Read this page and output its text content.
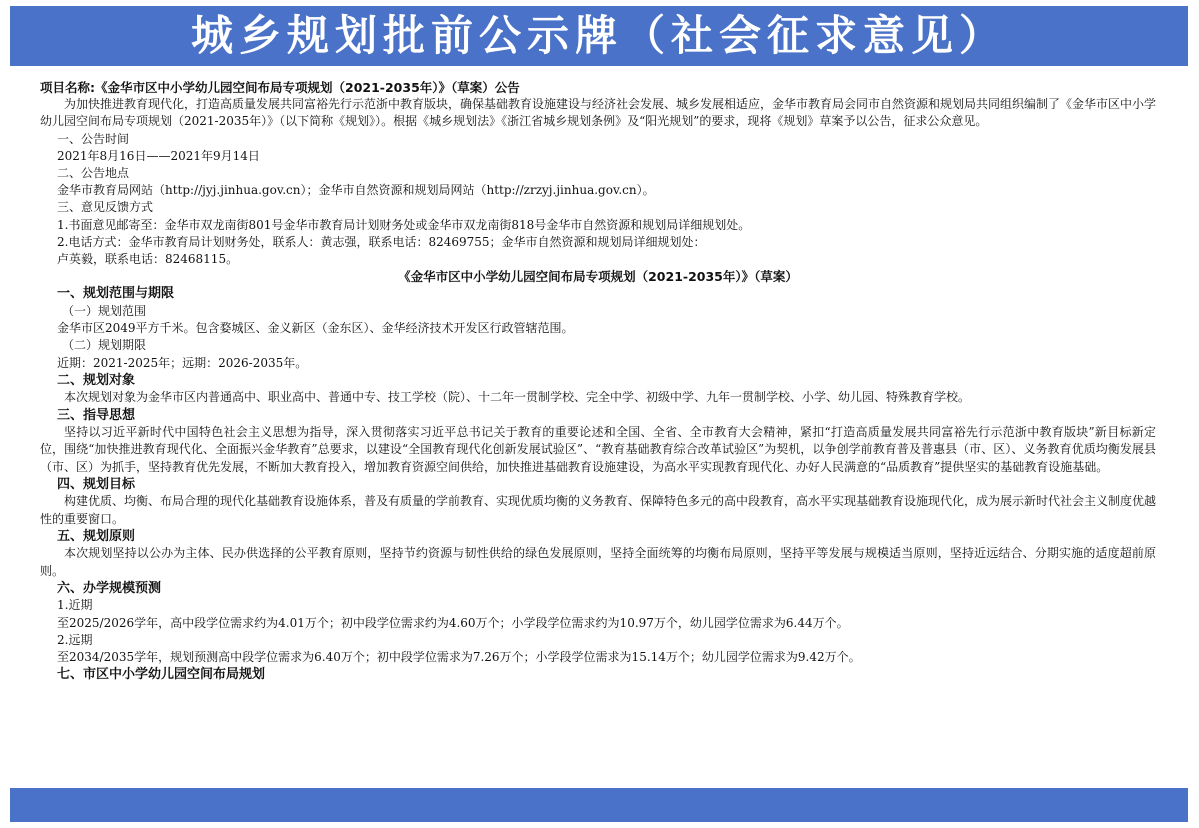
城乡规划批前公示牌（社会征求意见）
项目名称:《金华市区中小学幼儿园空间布局专项规划（2021-2035年）》（草案）公告
为加快推进教育现代化，打造高质量发展共同富裕先行示范浙中教育版块，确保基础教育设施建设与经济社会发展、城乡发展相适应，金华市教育局会同市自然资源和规划局共同组织编制了《金华市区中小学幼儿园空间布局专项规划（2021-2035年）》（以下简称《规划》）。根据《城乡规划法》《浙江省城乡规划条例》及“阳光规划”的要求，现将《规划》草案予以公告，征求公众意见。
一、公告时间
2021年8月16日——2021年9月14日
二、公告地点
金华市教育局网站（http://jyj.jinhua.gov.cn）；金华市自然资源和规划局网站（http://zrzyj.jinhua.gov.cn）。
三、意见反馈方式
1.书面意见邮寄至：金华市双龙南街801号金华市教育局计划财务处或金华市双龙南街818号金华市自然资源和规划局详细规划处。
2.电话方式：金华市教育局计划财务处，联系人：黄志强，联系电话：82469755；金华市自然资源和规划局详细规划处：
卢英毅，联系电话：82468115。
《金华市区中小学幼儿园空间布局专项规划（2021-2035年）》（草案）
一、规划范围与期限
（一）规划范围
金华市区2049平方千米。包含婺城区、金义新区（金东区）、金华经济技术开发区行政管辖范围。
（二）规划期限
近期：2021-2025年；远期：2026-2035年。
二、规划对象
本次规划对象为金华市区内普通高中、职业高中、普通中专、技工学校（院）、十二年一贯制学校、完全中学、初级中学、九年一贯制学校、小学、幼儿园、特殊教育学校。
三、指导思想
坚持以习近平新时代中国特色社会主义思想为指导，深入贯彻落实习近平总书记关于教育的重要论述和全国、全省、全市教育大会精神，紧扣“打造高质量发展共同富裕先行示范浙中教育版块”新目标新定位，围绕“加快推进教育现代化、全面振兴金华教育”总要求，以建设“全国教育现代化创新发展试验区”、“教育基础教育综合改革试验区”为契机，以争创学前教育普及普惠县（市、区）、义务教育优质均衡发展县（市、区）为抓手，坚持教育优先发展，不断加大教育投入，增加教育资源空间供给，加快推进基础教育设施建设，为高水平实现教育现代化、办好人民满意的“品质教育”提供坚实的基础教育设施基础。
四、规划目标
构建优质、均衡、布局合理的现代化基础教育设施体系，普及有质量的学前教育、实现优质均衡的义务教育、保障特色多元的高中段教育，高水平实现基础教育设施现代化，成为展示新时代社会主义制度优越性的重要窗口。
五、规划原则
本次规划坚持以公办为主体、民办供选择的公平教育原则，坚持节约资源与韧性供给的绿色发展原则，坚持全面统筹的均衡布局原则，坚持平等发展与规模适当原则，坚持近远结合、分期实施的适度超前原则。
六、办学规模预测
1.近期
至2025/2026学年，高中段学位需求约为4.01万个；初中段学位需求约为4.60万个；小学段学位需求约为10.97万个，幼儿园学位需求为6.44万个。
2.远期
至2034/2035学年，规划预测高中段学位需求为6.40万个；初中段学位需求为7.26万个；小学段学位需求为15.14万个；幼儿园学位需求为9.42万个。
七、市区中小学幼儿园空间布局规划
